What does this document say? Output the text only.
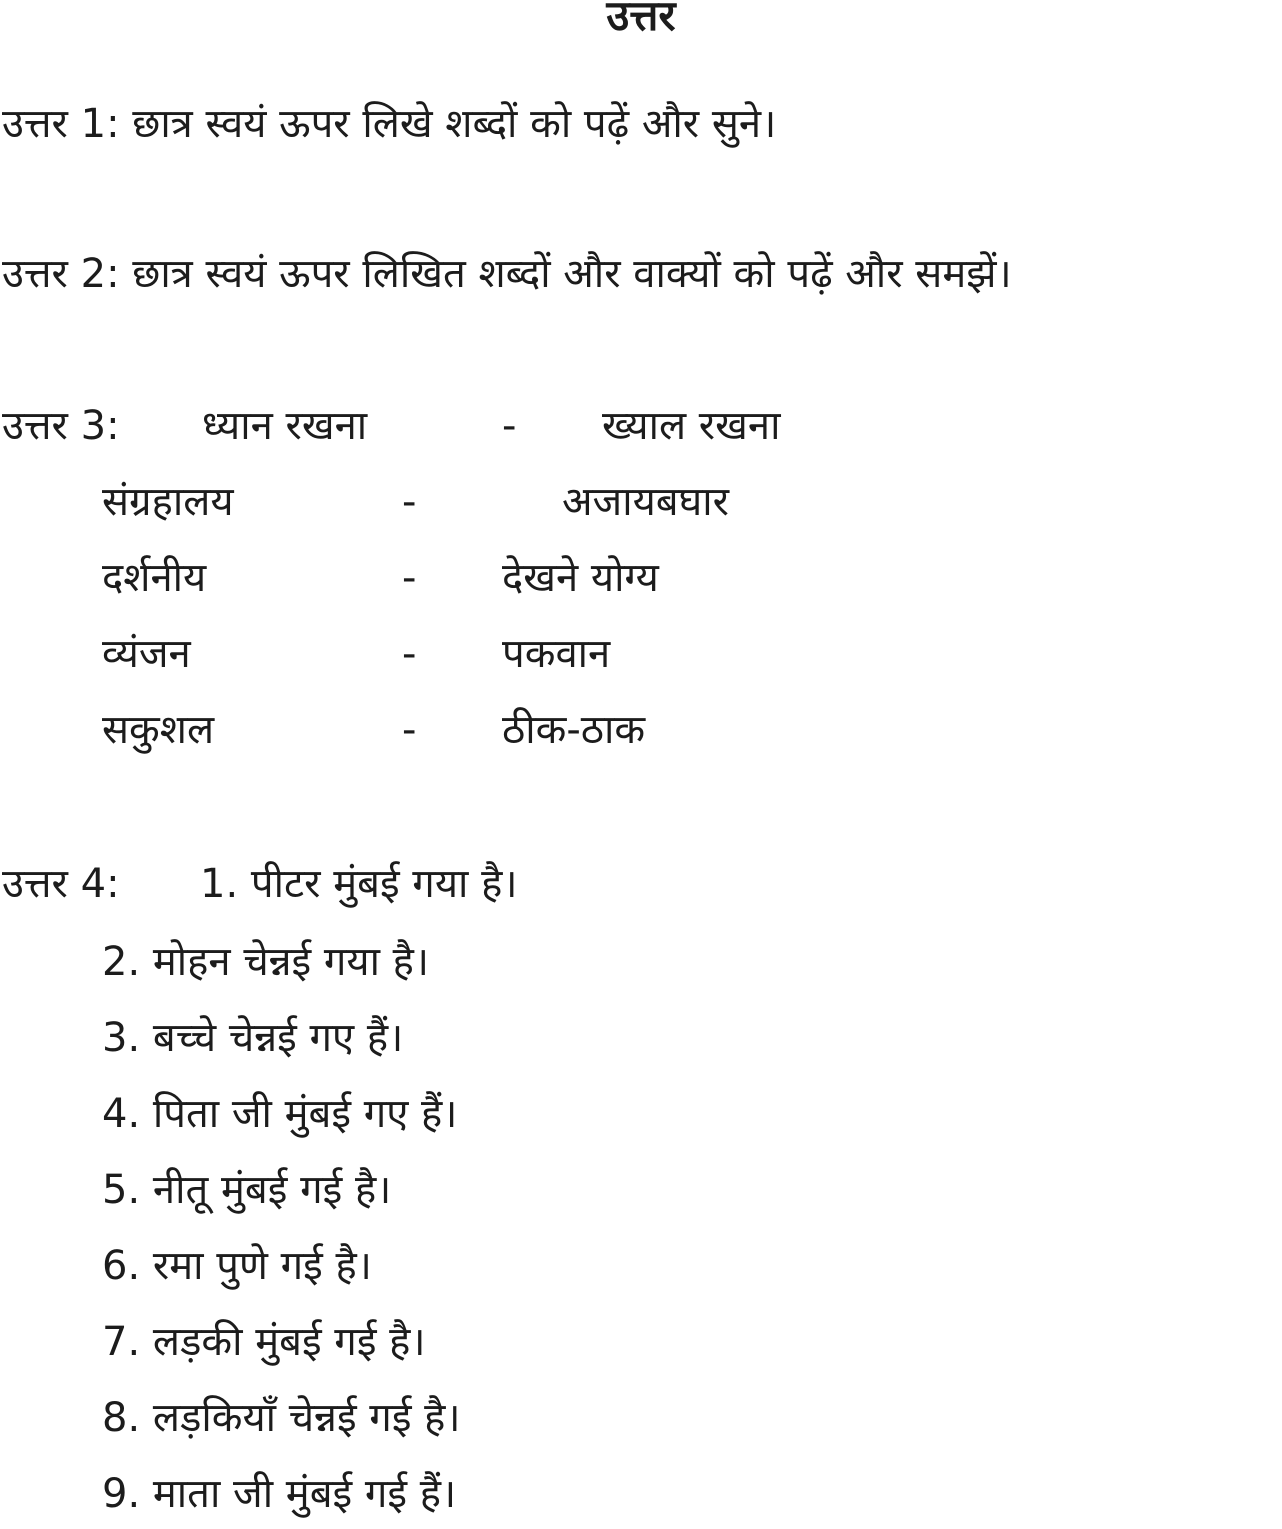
उत्तर

उत्तर 1: छात्र स्वयं ऊपर लिखे शब्दों को पढ़ें और सुने।

उत्तर 2: छात्र स्वयं ऊपर लिखित शब्दों और वाक्यों को पढ़ें और समझें।

उत्तर 3: ध्यान रखना	- ख्याल रखना
संग्रहालय	-	अजायबघार
दर्शनीय	- देखने योग्य
व्यंजन	- पकवान
सकुशल	- ठीक-ठाक
उत्तर 4: 1. पीटर मुंबई गया है।
2. मोहन चेन्नई गया है।
3. बच्चे चेन्नई गए हैं।
4. पिता जी मुंबई गए हैं।
5. नीतू मुंबई गई है।
6. रमा पुणे गई है।
7. लड़की मुंबई गई है।
8. लड़कियाँ चेन्नई गई है।
9. माता जी मुंबई गई हैं।
